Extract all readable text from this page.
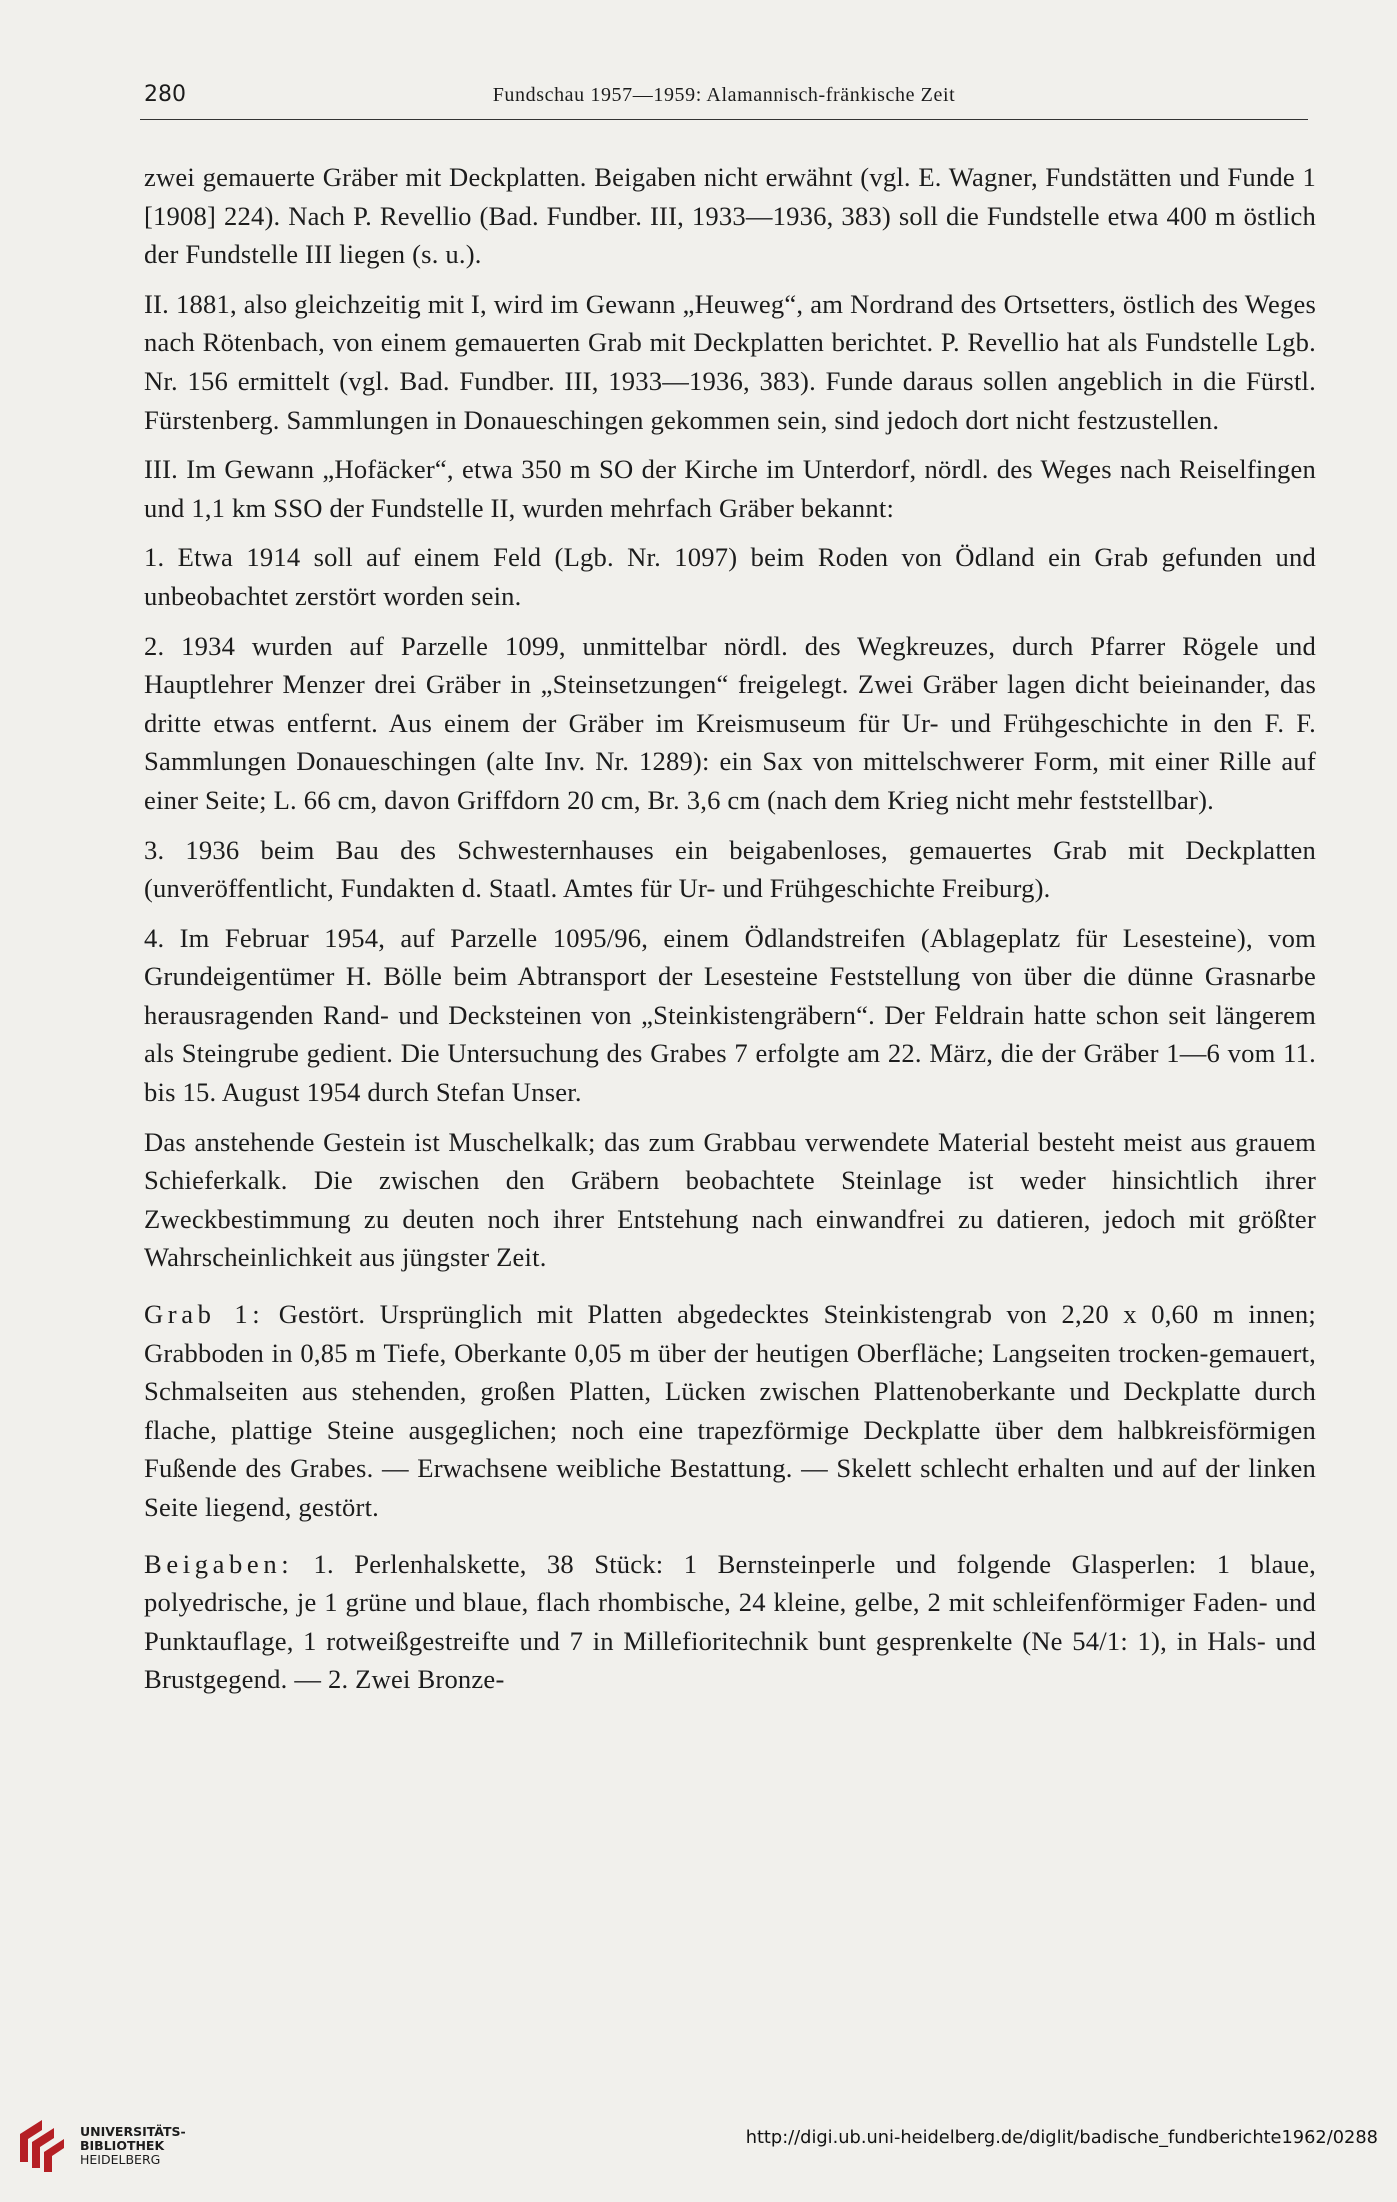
280	Fundschau 1957—1959: Alamannisch-fränkische Zeit

zwei gemauerte Gräber mit Deckplatten. Beigaben nicht erwähnt (vgl. E. Wagner, Fundstätten und Funde 1 [1908] 224). Nach P. Revellio (Bad. Fundber. III, 1933—1936, 383) soll die Fundstelle etwa 400 m östlich der Fundstelle III liegen (s. u.).

II. 1881, also gleichzeitig mit I, wird im Gewann „Heuweg“, am Nordrand des Ortsetters, östlich des Weges nach Rötenbach, von einem gemauerten Grab mit Deckplatten berichtet. P. Revellio hat als Fundstelle Lgb. Nr. 156 ermittelt (vgl. Bad. Fundber. III, 1933—1936, 383). Funde daraus sollen angeblich in die Fürstl. Fürstenberg. Sammlungen in Donaueschingen gekommen sein, sind jedoch dort nicht festzustellen.

III. Im Gewann „Hofäcker“, etwa 350 m SO der Kirche im Unterdorf, nördl. des Weges nach Reiselfingen und 1,1 km SSO der Fundstelle II, wurden mehrfach Gräber bekannt:

1. Etwa 1914 soll auf einem Feld (Lgb. Nr. 1097) beim Roden von Ödland ein Grab gefunden und unbeobachtet zerstört worden sein.

2. 1934 wurden auf Parzelle 1099, unmittelbar nördl. des Wegkreuzes, durch Pfarrer Rögele und Hauptlehrer Menzer drei Gräber in „Steinsetzungen“ freigelegt. Zwei Gräber lagen dicht beieinander, das dritte etwas entfernt. Aus einem der Gräber im Kreismuseum für Ur- und Frühgeschichte in den F. F. Sammlungen Donaueschingen (alte Inv. Nr. 1289): ein Sax von mittelschwerer Form, mit einer Rille auf einer Seite; L. 66 cm, davon Griffdorn 20 cm, Br. 3,6 cm (nach dem Krieg nicht mehr feststellbar).

3. 1936 beim Bau des Schwesternhauses ein beigabenloses, gemauertes Grab mit Deckplatten (unveröffentlicht, Fundakten d. Staatl. Amtes für Ur- und Frühgeschichte Freiburg).

4. Im Februar 1954, auf Parzelle 1095/96, einem Ödlandstreifen (Ablageplatz für Lesesteine), vom Grundeigentümer H. Bölle beim Abtransport der Lesesteine Feststellung von über die dünne Grasnarbe herausragenden Rand- und Decksteinen von „Steinkistengräbern“. Der Feldrain hatte schon seit längerem als Steingrube gedient. Die Untersuchung des Grabes 7 erfolgte am 22. März, die der Gräber 1—6 vom 11. bis 15. August 1954 durch Stefan Unser.

Das anstehende Gestein ist Muschelkalk; das zum Grabbau verwendete Material besteht meist aus grauem Schieferkalk. Die zwischen den Gräbern beobachtete Steinlage ist weder hinsichtlich ihrer Zweckbestimmung zu deuten noch ihrer Entstehung nach einwandfrei zu datieren, jedoch mit größter Wahrscheinlichkeit aus jüngster Zeit.

Grab 1: Gestört. Ursprünglich mit Platten abgedecktes Steinkistengrab von 2,20 x 0,60 m innen; Grabboden in 0,85 m Tiefe, Oberkante 0,05 m über der heutigen Oberfläche; Langseiten trocken-gemauert, Schmalseiten aus stehenden, großen Platten, Lücken zwischen Plattenoberkante und Deckplatte durch flache, plattige Steine ausgeglichen; noch eine trapezförmige Deckplatte über dem halbkreisförmigen Fußende des Grabes. — Erwachsene weibliche Bestattung. — Skelett schlecht erhalten und auf der linken Seite liegend, gestört.

Beigaben: 1. Perlenhalskette, 38 Stück: 1 Bernsteinperle und folgende Glasperlen: 1 blaue, polyedrische, je 1 grüne und blaue, flach rhombische, 24 kleine, gelbe, 2 mit schleifenförmiger Faden- und Punktauflage, 1 rotweißgestreifte und 7 in Millefioritechnik bunt gesprenkelte (Ne 54/1: 1), in Hals- und Brustgegend. — 2. Zwei Bronze-

UNIVERSITÄTS-
BIBLIOTHEK
HEIDELBERG
http://digi.ub.uni-heidelberg.de/diglit/badische_fundberichte1962/0288
